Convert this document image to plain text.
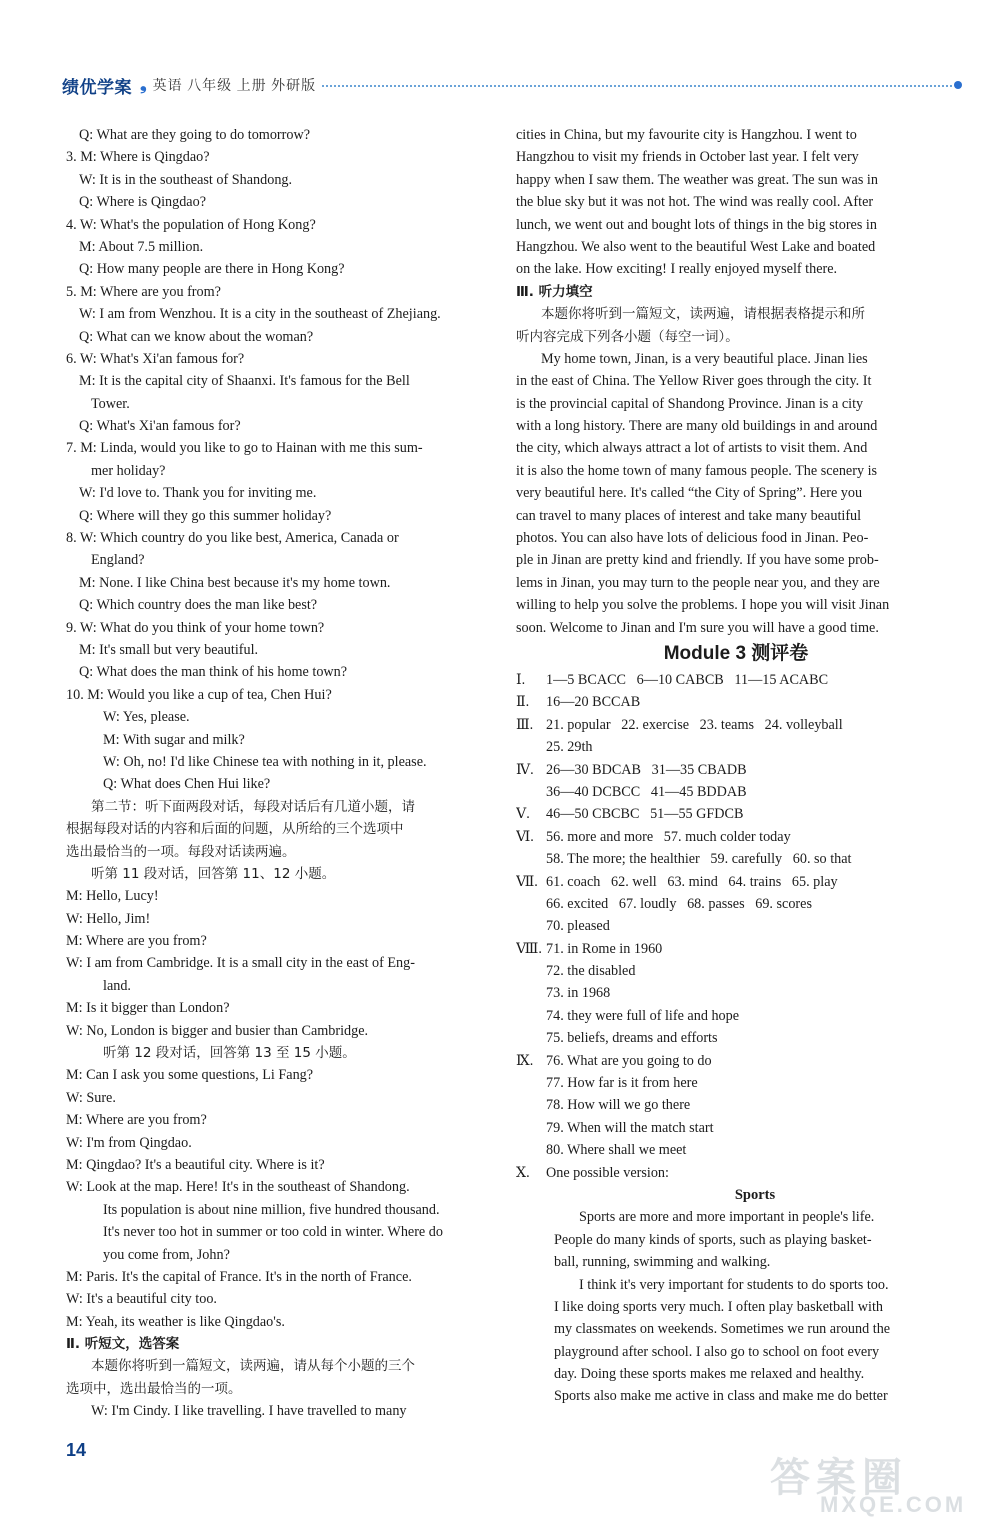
绩优学案 ❟ 英语 八年级 上册 外研版
Q: What are they going to do tomorrow?
3. M: Where is Qingdao?
W: It is in the southeast of Shandong.
Q: Where is Qingdao?
4. W: What's the population of Hong Kong?
M: About 7.5 million.
Q: How many people are there in Hong Kong?
5. M: Where are you from?
W: I am from Wenzhou. It is a city in the southeast of Zhejiang.
Q: What can we know about the woman?
6. W: What's Xi'an famous for?
M: It is the capital city of Shaanxi. It's famous for the Bell
Tower.
Q: What's Xi'an famous for?
7. M: Linda, would you like to go to Hainan with me this sum-
mer holiday?
W: I'd love to. Thank you for inviting me.
Q: Where will they go this summer holiday?
8. W: Which country do you like best, America, Canada or
England?
M: None. I like China best because it's my home town.
Q: Which country does the man like best?
9. W: What do you think of your home town?
M: It's small but very beautiful.
Q: What does the man think of his home town?
10. M: Would you like a cup of tea, Chen Hui?
W: Yes, please.
M: With sugar and milk?
W: Oh, no! I'd like Chinese tea with nothing in it, please.
Q: What does Chen Hui like?
第二节：听下面两段对话，每段对话后有几道小题，请
根据每段对话的内容和后面的问题，从所给的三个选项中
选出最恰当的一项。每段对话读两遍。
听第 11 段对话，回答第 11、12 小题。
M: Hello, Lucy!
W: Hello, Jim!
M: Where are you from?
W: I am from Cambridge. It is a small city in the east of Eng-
land.
M: Is it bigger than London?
W: No, London is bigger and busier than Cambridge.
听第 12 段对话，回答第 13 至 15 小题。
M: Can I ask you some questions, Li Fang?
W: Sure.
M: Where are you from?
W: I'm from Qingdao.
M: Qingdao? It's a beautiful city. Where is it?
W: Look at the map. Here! It's in the southeast of Shandong.
Its population is about nine million, five hundred thousand.
It's never too hot in summer or too cold in winter. Where do
you come from, John?
M: Paris. It's the capital of France. It's in the north of France.
W: It's a beautiful city too.
M: Yeah, its weather is like Qingdao's.
Ⅱ. 听短文，选答案
本题你将听到一篇短文，读两遍，请从每个小题的三个
选项中，选出最恰当的一项。
W: I'm Cindy. I like travelling. I have travelled to many
cities in China, but my favourite city is Hangzhou. I went to
Hangzhou to visit my friends in October last year. I felt very
happy when I saw them. The weather was great. The sun was in
the blue sky but it was not hot. The wind was really cool. After
lunch, we went out and bought lots of things in the big stores in
Hangzhou. We also went to the beautiful West Lake and boated
on the lake. How exciting! I really enjoyed myself there.
Ⅲ. 听力填空
本题你将听到一篇短文，读两遍，请根据表格提示和所
听内容完成下列各小题（每空一词）。
My home town, Jinan, is a very beautiful place. Jinan lies
in the east of China. The Yellow River goes through the city. It
is the provincial capital of Shandong Province. Jinan is a city
with a long history. There are many old buildings in and around
the city, which always attract a lot of artists to visit them. And
it is also the home town of many famous people. The scenery is
very beautiful here. It's called “the City of Spring”. Here you
can travel to many places of interest and take many beautiful
photos. You can also have lots of delicious food in Jinan. Peo-
ple in Jinan are pretty kind and friendly. If you have some prob-
lems in Jinan, you may turn to the people near you, and they are
willing to help you solve the problems. I hope you will visit Jinan
soon. Welcome to Jinan and I'm sure you will have a good time.
Module 3 测评卷
Ⅰ. 1—5 BCACC   6—10 CABCB   11—15 ACABC
Ⅱ. 16—20 BCCAB
Ⅲ. 21. popular   22. exercise   23. teams   24. volleyball
25. 29th
Ⅳ. 26—30 BDCAB   31—35 CBADB
36—40 DCBCC   41—45 BDDAB
Ⅴ. 46—50 CBCBC   51—55 GFDCB
Ⅵ. 56. more and more   57. much colder today
58. The more; the healthier   59. carefully   60. so that
Ⅶ. 61. coach   62. well   63. mind   64. trains   65. play
66. excited   67. loudly   68. passes   69. scores
70. pleased
Ⅷ. 71. in Rome in 1960
72. the disabled
73. in 1968
74. they were full of life and hope
75. beliefs, dreams and efforts
Ⅸ. 76. What are you going to do
77. How far is it from here
78. How will we go there
79. When will the match start
80. Where shall we meet
Ⅹ. One possible version:
Sports
Sports are more and more important in people's life.
People do many kinds of sports, such as playing basket-
ball, running, swimming and walking.
I think it's very important for students to do sports too.
I like doing sports very much. I often play basketball with
my classmates on weekends. Sometimes we run around the
playground after school. I also go to school on foot every
day. Doing these sports makes me relaxed and healthy.
Sports also make me active in class and make me do better
14
答案圈
MXQE.COM
